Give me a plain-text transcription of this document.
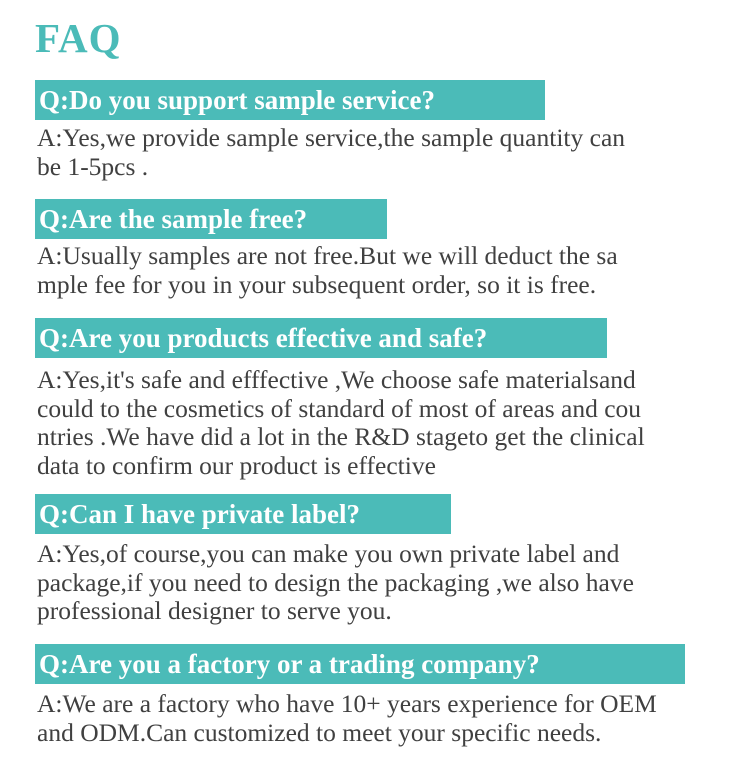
FAQ
Q:Do you support sample service?

A:Yes,we provide sample service,the sample quantity can
be 1-5pcs .

Q:Are the sample free?

A:Usually samples are not free.But we will deduct the sa
mple fee for you in your subsequent order, so it is free.

Q:Are you products effective and safe?

A:Yes,it's safe and efffective ,We choose safe materialsand
could to the cosmetics of standard of most of areas and cou
ntries .We have did a lot in the R&D stageto get the clinical
data to confirm our product is effective

Q:Can I have private label?

A:Yes,of course,you can make you own private label and
package,if you need to design the packaging ,we also have
professional designer to serve you.

Q:Are you a factory or a trading company?

A:We are a factory who have 10+ years experience for OEM
and ODM.Can customized to meet your specific needs.
